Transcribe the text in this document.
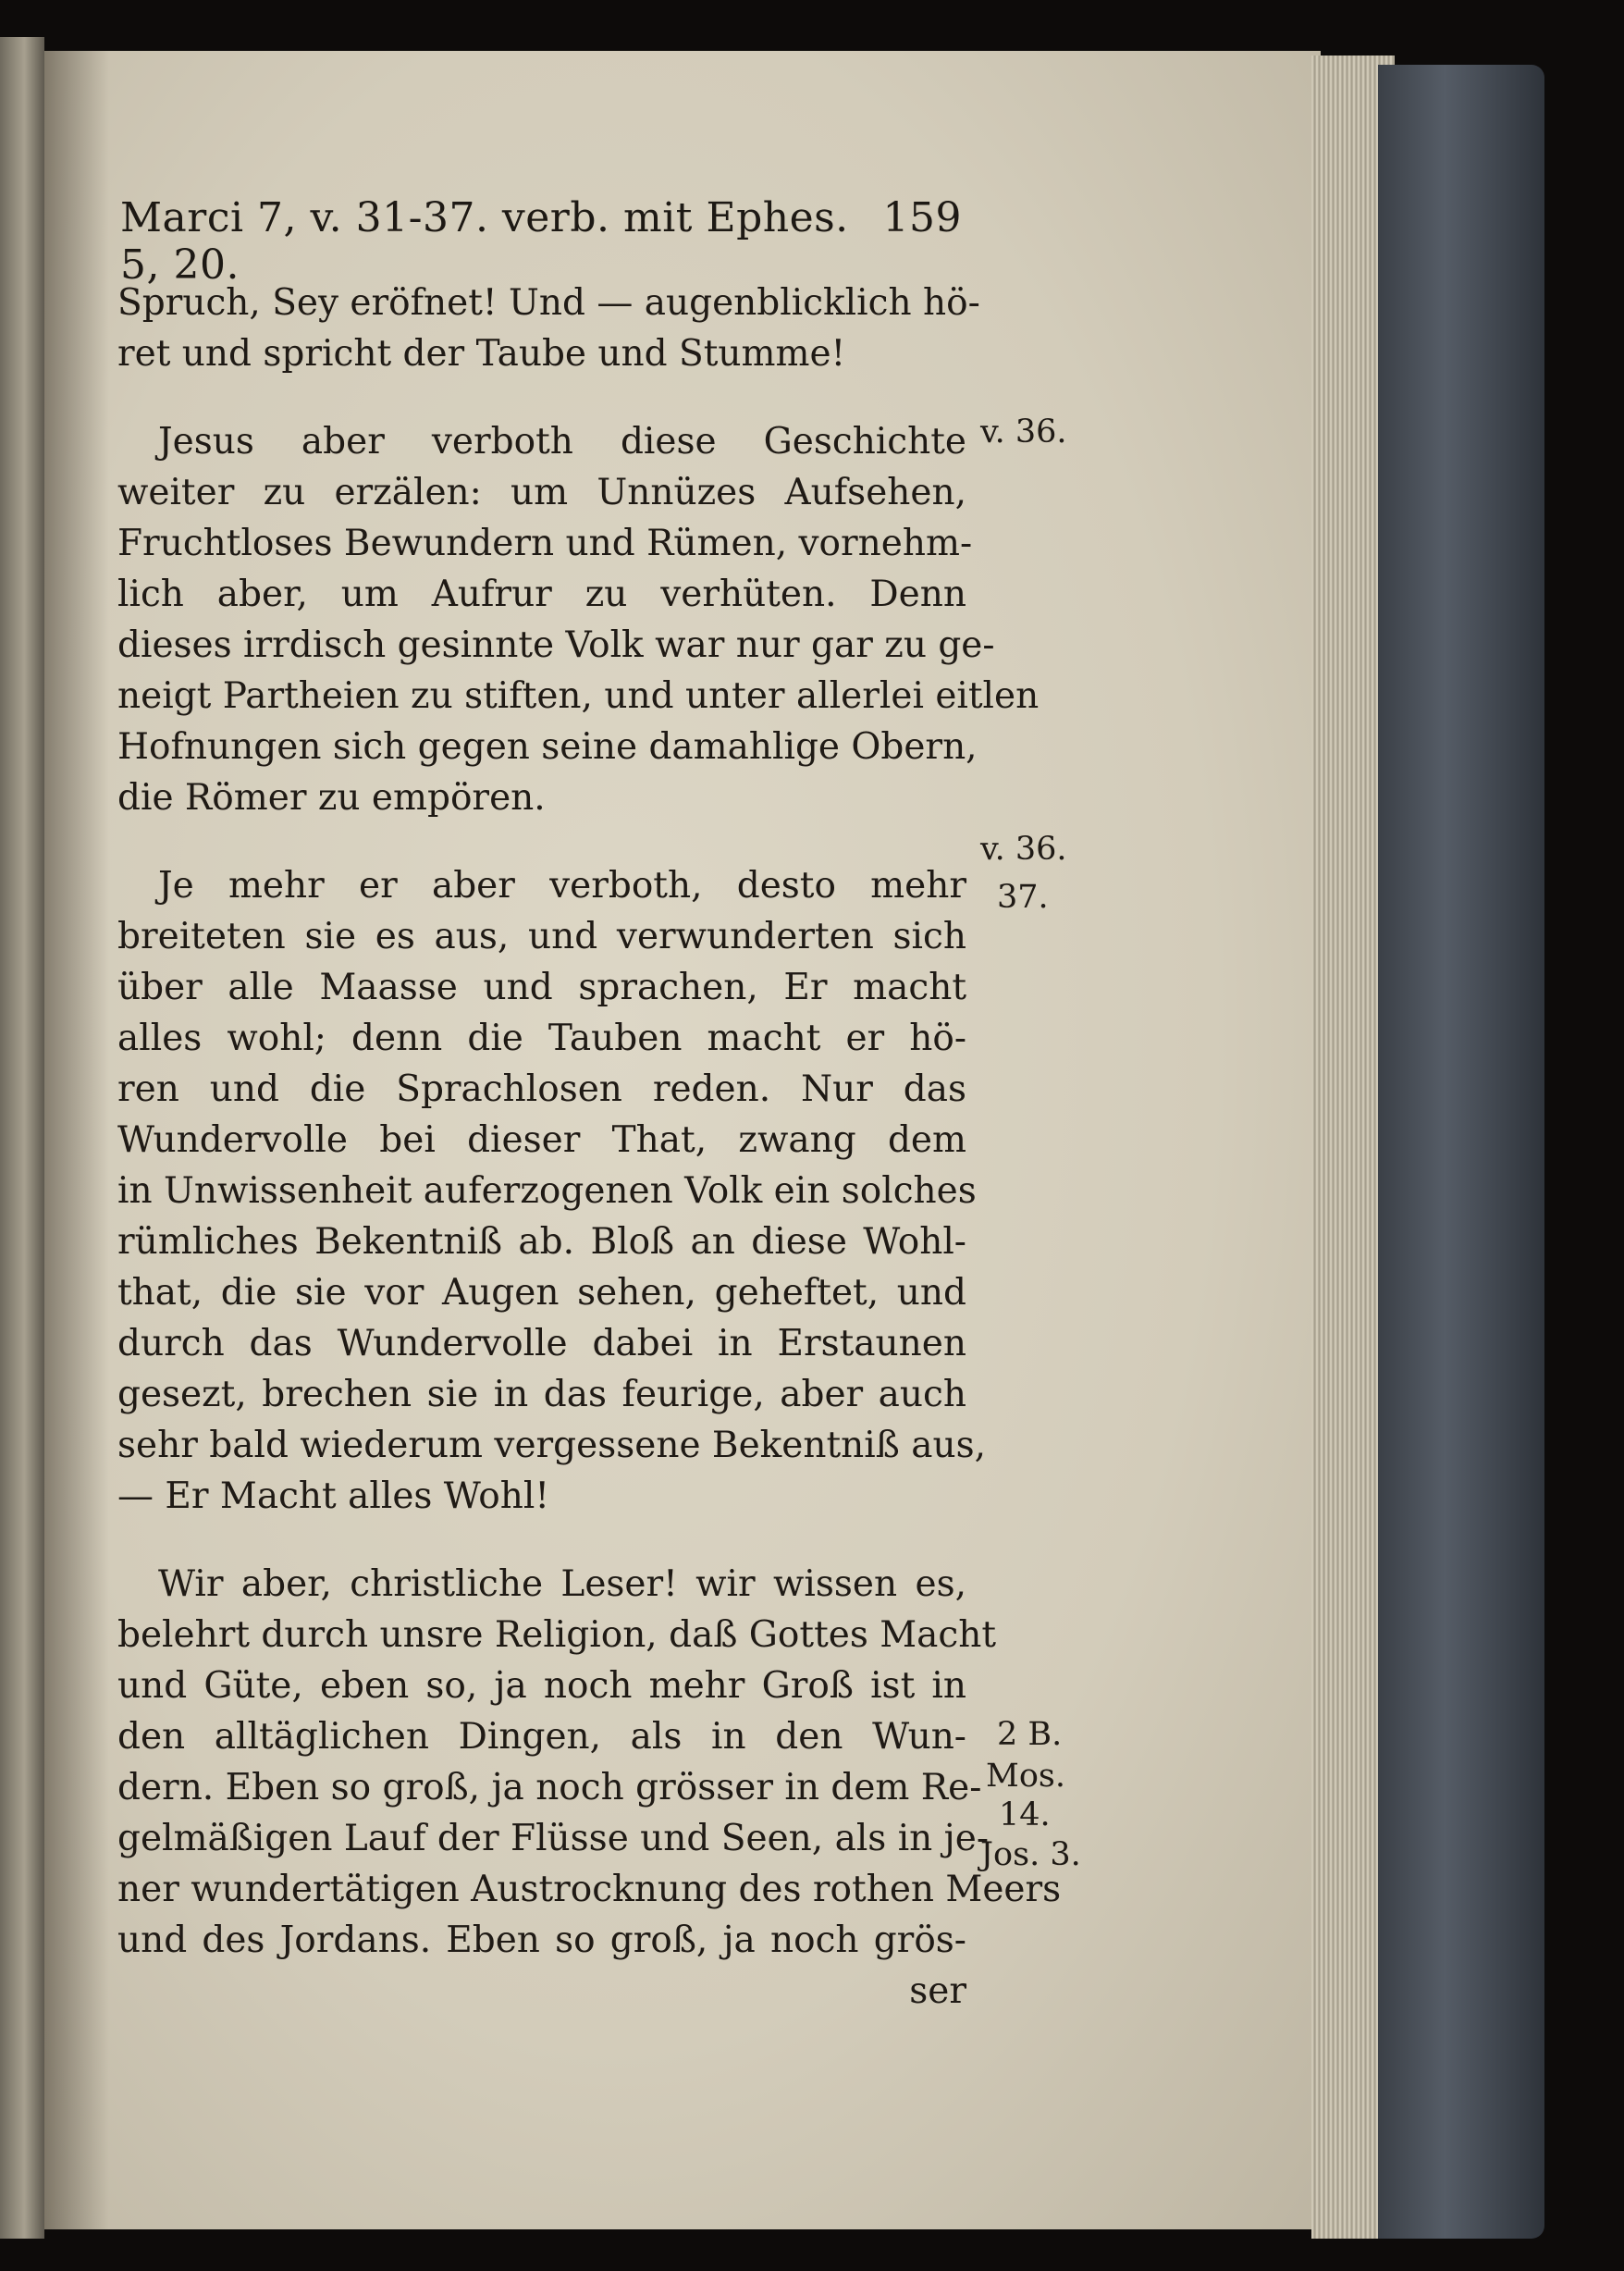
Marci 7, v. 31-37. verb. mit Ephes. 5, 20.
159
Spruch, Sey eröfnet! Und — augenblicklich hö-
ret und spricht der Taube und Stumme!
Jesus aber verboth diese Geschichte
weiter zu erzälen: um Unnüzes Aufsehen,
Fruchtloses Bewundern und Rümen, vornehm-
lich aber, um Aufrur zu verhüten. Denn
dieses irrdisch gesinnte Volk war nur gar zu ge-
neigt Partheien zu stiften, und unter allerlei eitlen
Hofnungen sich gegen seine damahlige Obern,
die Römer zu empören.
Je mehr er aber verboth, desto mehr
breiteten sie es aus, und verwunderten sich
über alle Maasse und sprachen, Er macht
alles wohl; denn die Tauben macht er hö-
ren und die Sprachlosen reden. Nur das
Wundervolle bei dieser That, zwang dem
in Unwissenheit auferzogenen Volk ein solches
rümliches Bekentniß ab. Bloß an diese Wohl-
that, die sie vor Augen sehen, geheftet, und
durch das Wundervolle dabei in Erstaunen
gesezt, brechen sie in das feurige, aber auch
sehr bald wiederum vergessene Bekentniß aus,
— Er Macht alles Wohl!
Wir aber, christliche Leser! wir wissen es,
belehrt durch unsre Religion, daß Gottes Macht
und Güte, eben so, ja noch mehr Groß ist in
den alltäglichen Dingen, als in den Wun-
dern. Eben so groß, ja noch grösser in dem Re-
gelmäßigen Lauf der Flüsse und Seen, als in je-
ner wundertätigen Austrocknung des rothen Meers
und des Jordans. Eben so groß, ja noch grös-
ser
v. 36.
v. 36.
37.
2 B.
Mos.
14.
Jos. 3.
